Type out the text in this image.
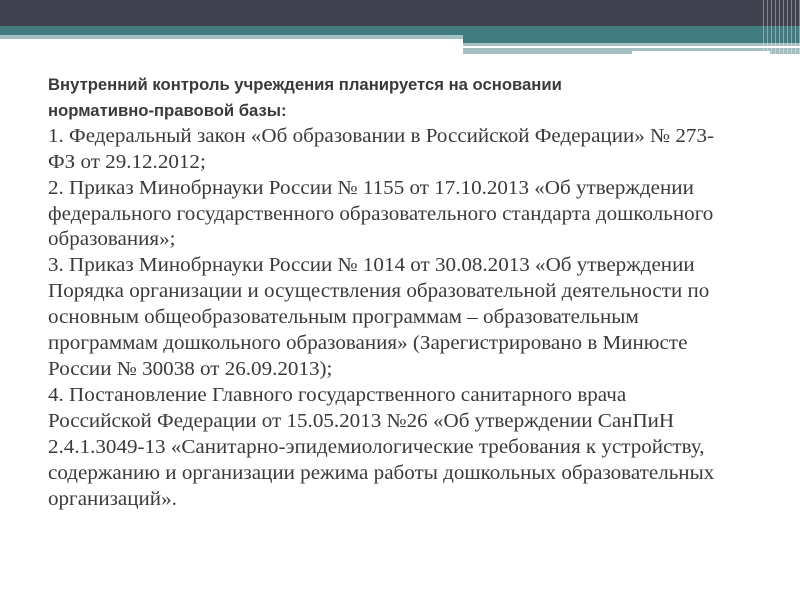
Внутренний контроль учреждения планируется на основании
нормативно-правовой базы:
1. Федеральный закон «Об образовании в Российской Федерации» № 273-
ФЗ от 29.12.2012;
2. Приказ Минобрнауки России № 1155 от 17.10.2013 «Об утверждении
федерального государственного образовательного стандарта дошкольного
образования»;
3. Приказ Минобрнауки России № 1014 от 30.08.2013 «Об утверждении
Порядка организации и осуществления образовательной деятельности по
основным общеобразовательным программам – образовательным
программам дошкольного образования» (Зарегистрировано в Минюсте
России № 30038 от 26.09.2013);
4. Постановление Главного государственного санитарного врача
Российской Федерации от 15.05.2013 №26 «Об утверждении СанПиН
2.4.1.3049-13 «Санитарно-эпидемиологические требования к устройству,
содержанию и организации режима работы дошкольных образовательных
организаций».
